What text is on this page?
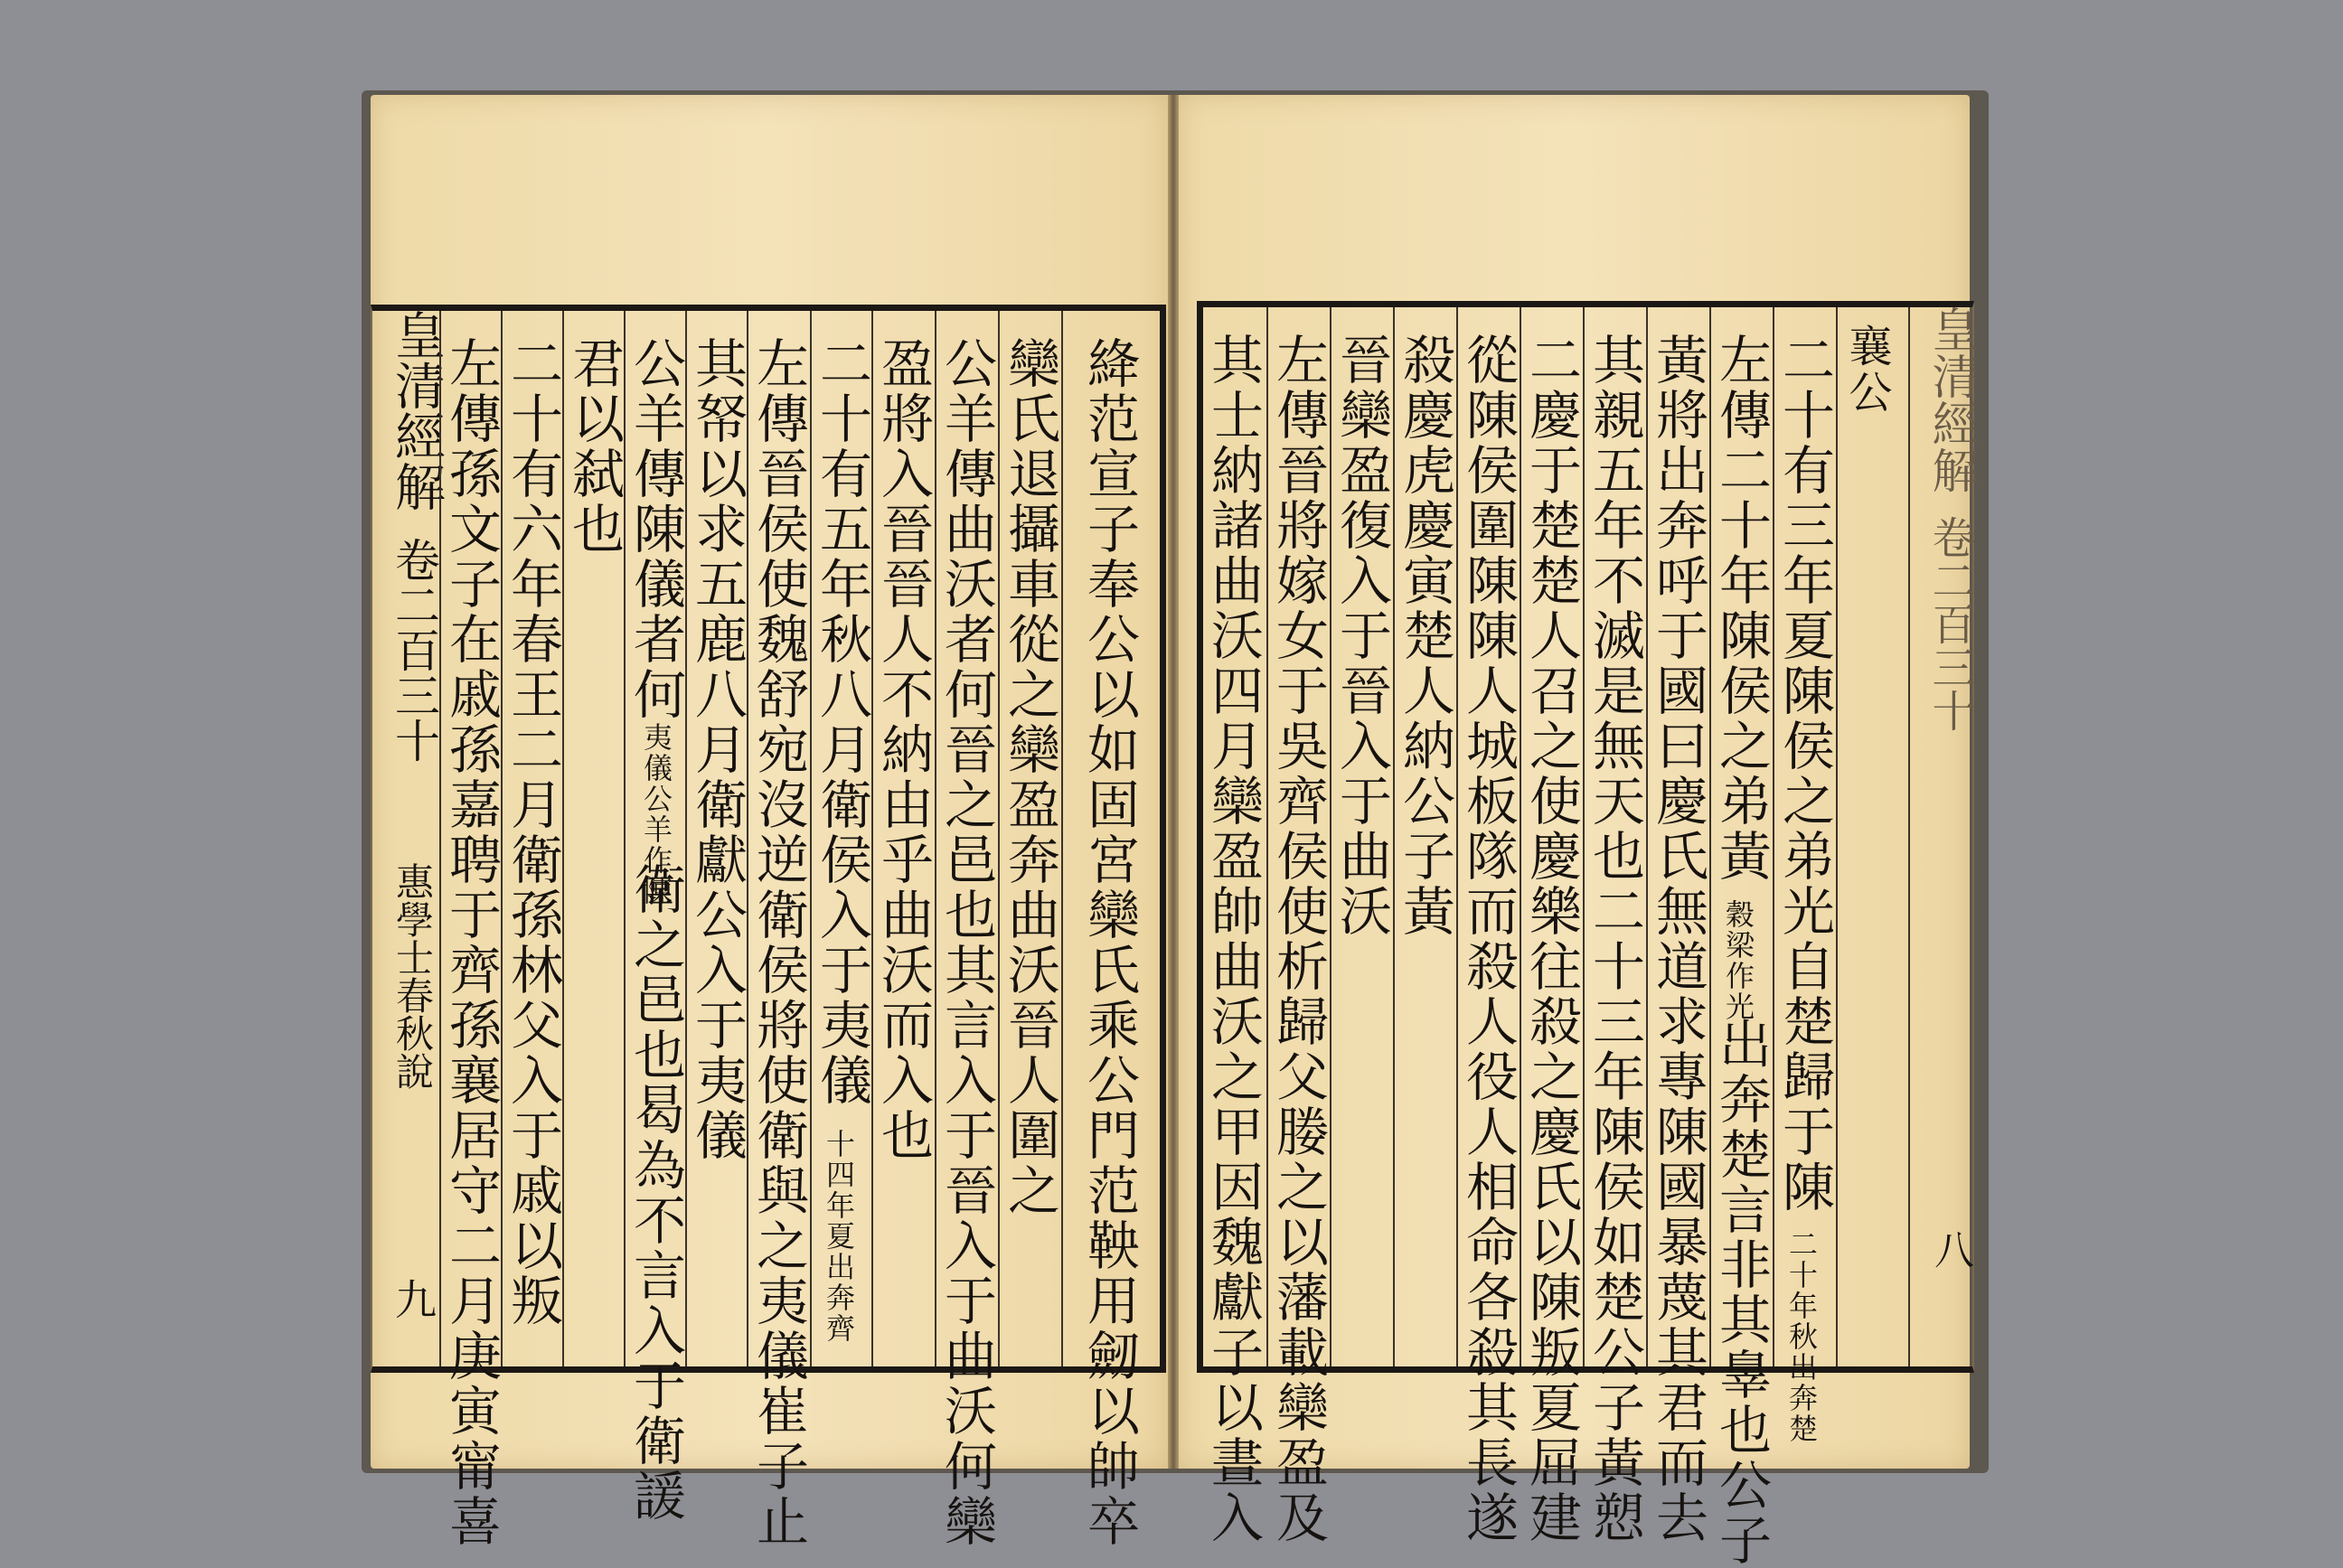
皇清經解
卷二百三十
惠學士春秋說
九 左傳孫文子在戚孫嘉聘于齊孫襄居守二月庚寅甯喜 二十有六年春王二月衛孫林父入于戚以叛 君以弑也 公羊傳陳儀者何
夷儀公羊作陳
衛之邑也曷為不言入于衛諼
其帑以求五鹿八月衛獻公入于夷儀 左傳晉侯使魏舒宛沒逆衛侯將使衛與之夷儀崔子止 二十有五年秋八月衛侯入于夷儀
十四年夏出奔齊
盈將入晉晉人不納由乎曲沃而入也 公羊傳曲沃者何晉之邑也其言入于晉入于曲沃何欒 欒氏退攝車從之欒盈奔曲沃晉人圍之 絳范宣子奉公以如固宮欒氏乘公門范鞅用劒以帥卒 其士納諸曲沃四月欒盈帥曲沃之甲因魏獻子以晝入 左傳晉將嫁女于吳齊侯使析歸父媵之以藩載欒盈及 晉欒盈復入于晉入于曲沃 殺慶虎慶寅楚人納公子黃 從陳侯圍陳陳人城板隊而殺人役人相命各殺其長遂 二慶于楚楚人召之使慶樂往殺之慶氏以陳叛夏屈建 其親五年不滅是無天也二十三年陳侯如楚公子黃愬 黃將出奔呼于國曰慶氏無道求專陳國暴蔑其君而去 左傳二十年陳侯之弟黃
穀梁作光
出奔楚言非其辠也公子
二十有三年夏陳侯之弟光自楚歸于陳
二十年秋出奔楚
襄公 皇清經解
卷二百三十
八
